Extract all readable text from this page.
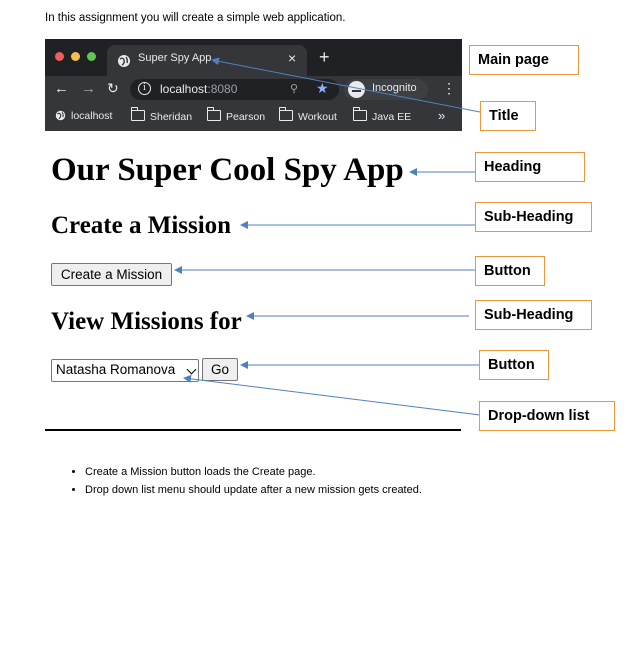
In this assignment you will create a simple web application.
Super Spy App	× +
← → ↻	i	localhost:8080	⚲ ★	Incognito ⋮
localhost	Sheridan	Pearson	Workout	Java EE »
Our Super Cool Spy App
Create a Mission
Create a Mission
View Missions for
Natasha Romanova	Go
Main page
Title
Heading
Sub-Heading
Button
Sub-Heading
Button
Drop-down list
• Create a Mission button loads the Create page.
• Drop down list menu should update after a new mission gets created.
